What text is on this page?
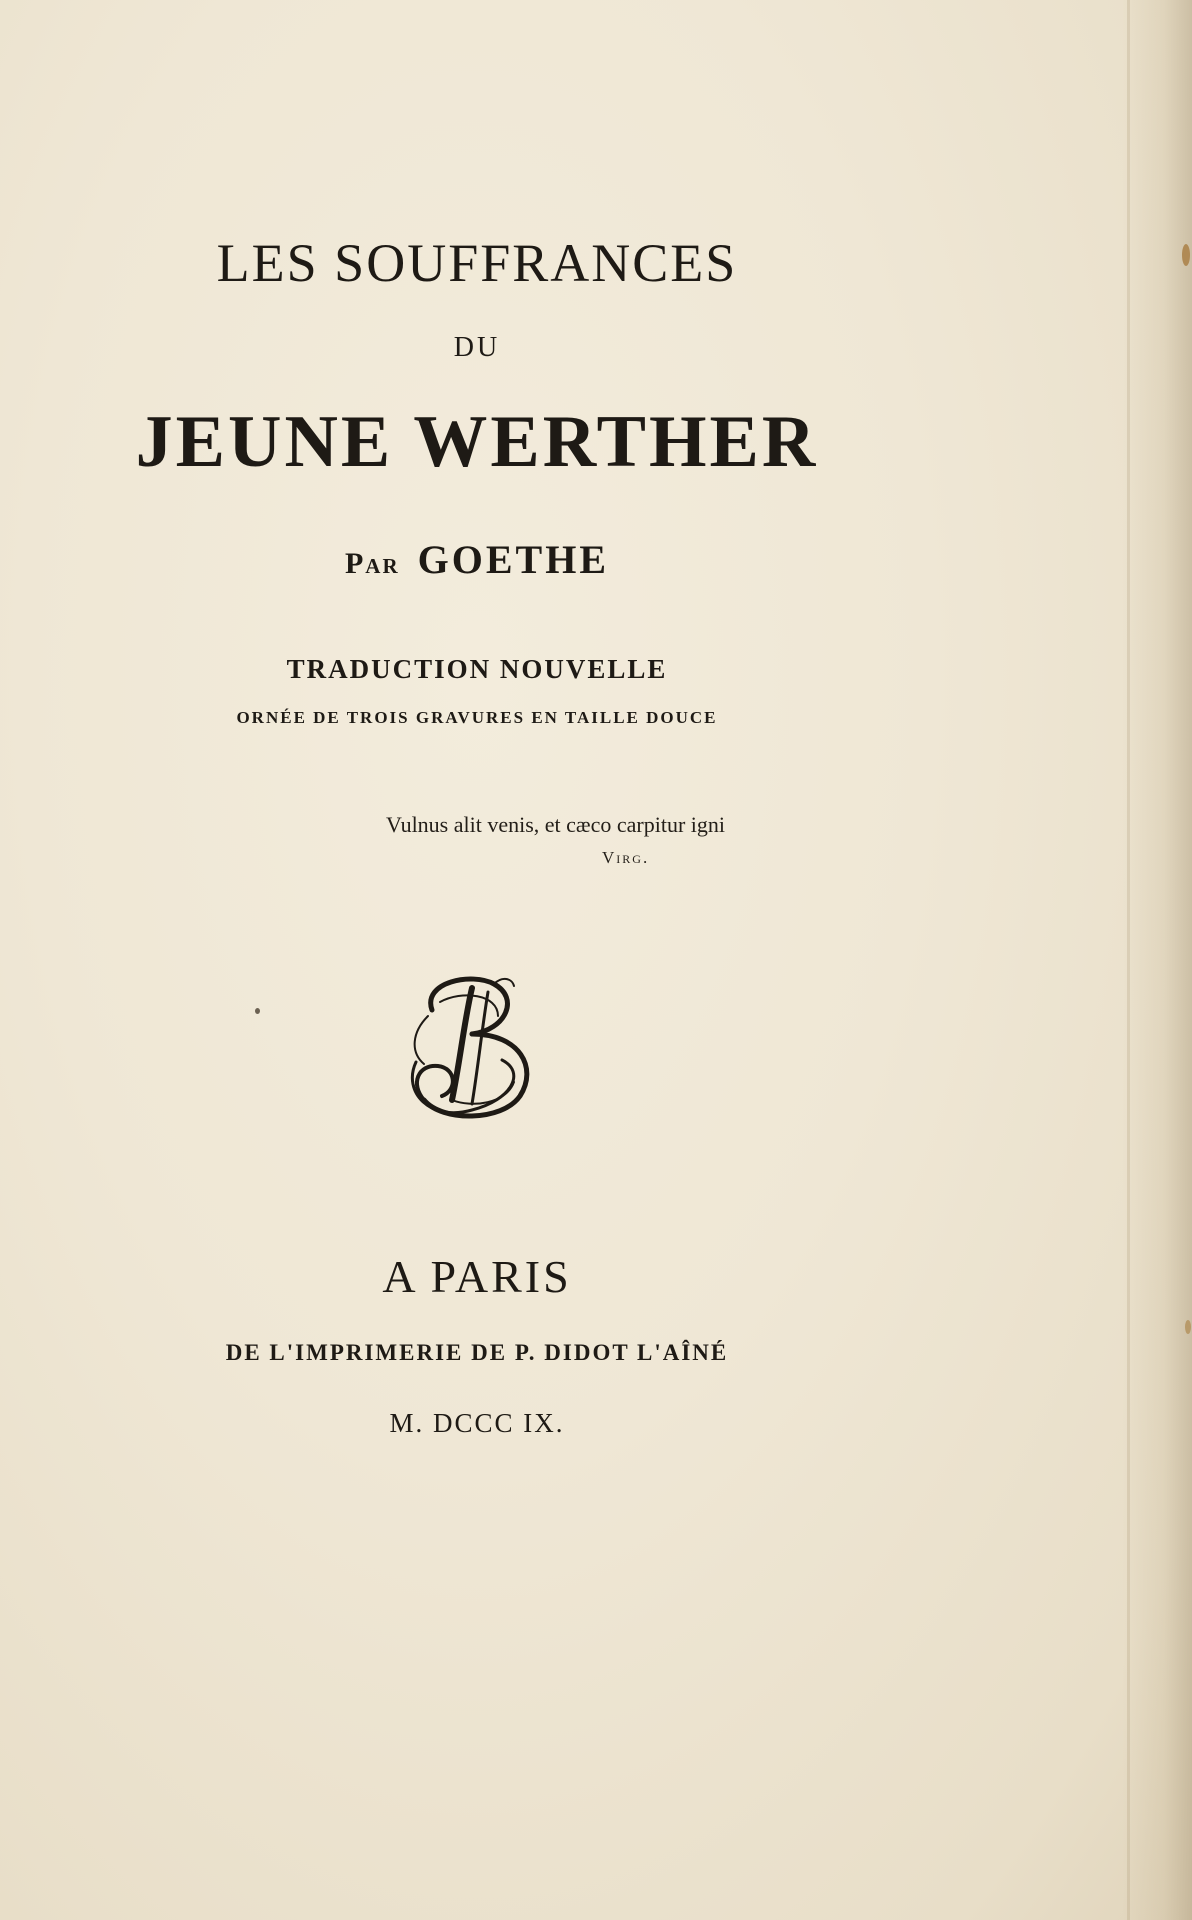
LES SOUFFRANCES
DU
JEUNE WERTHER
Par GOETHE
TRADUCTION NOUVELLE
ORNÉE DE TROIS GRAVURES EN TAILLE DOUCE
Vulnus alit venis, et cæco carpitur igni
Virg.
A PARIS
DE L'IMPRIMERIE DE P. DIDOT L'AÎNÉ
M. DCCC IX.
